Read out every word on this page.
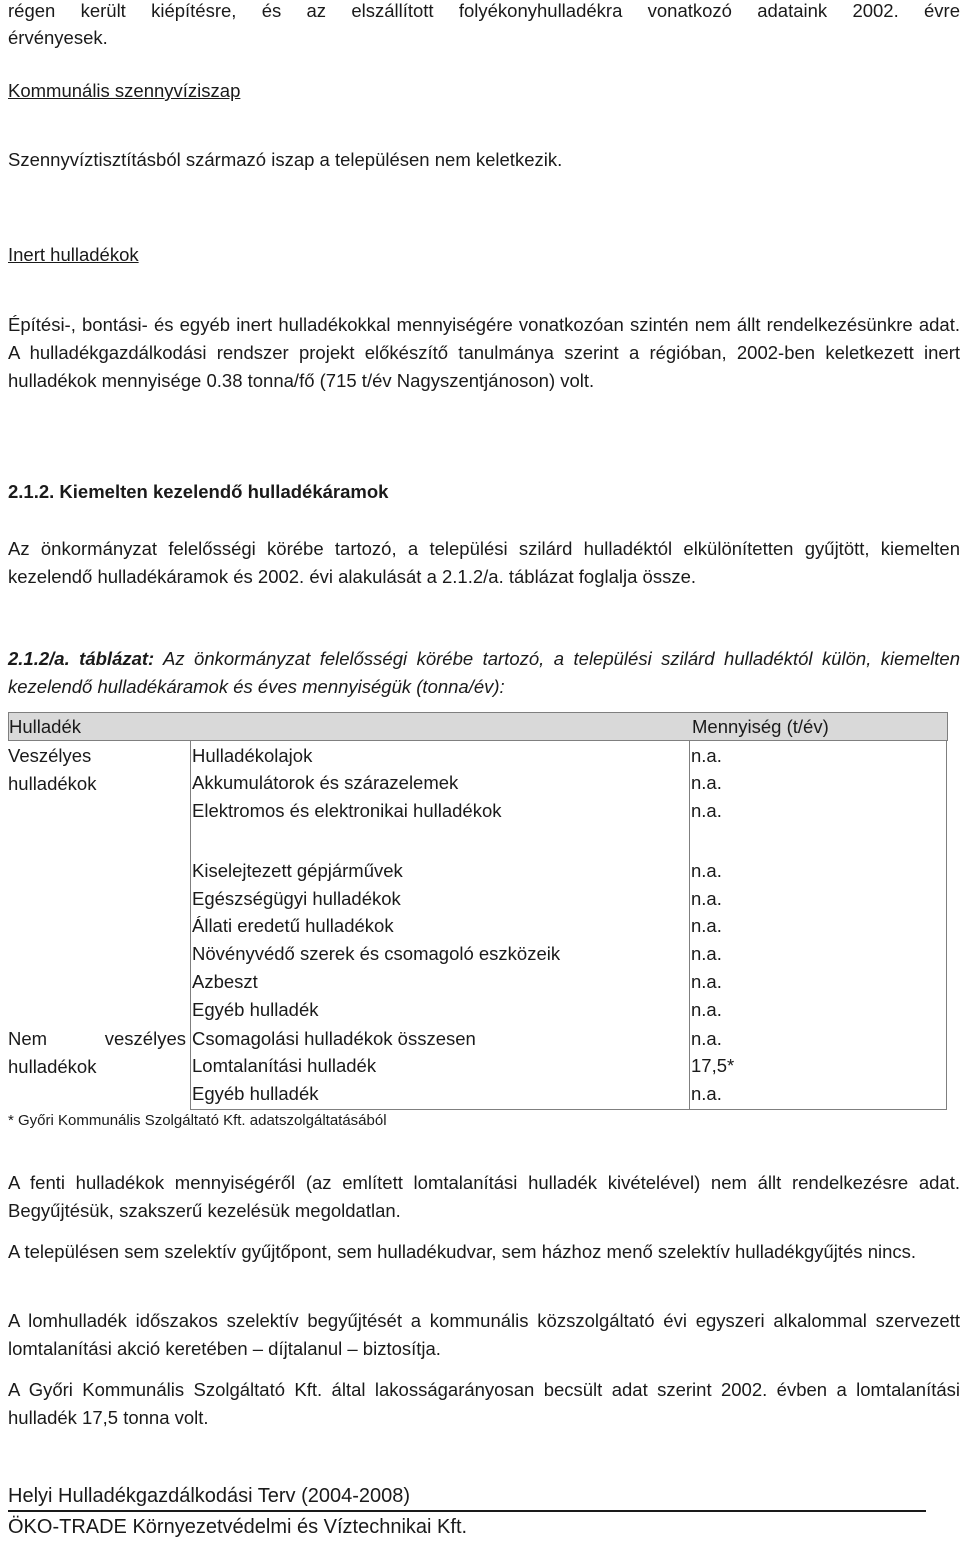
régen került kiépítésre, és az elszállított folyékonyhulladékra vonatkozó adataink 2002. évre
érvényesek.
Kommunális szennyvíziszap
Szennyvíztisztításból származó iszap a településen nem keletkezik.
Inert hulladékok
Építési-, bontási- és egyéb inert hulladékokkal mennyiségére vonatkozóan szintén nem állt rendelkezésünkre adat. A hulladékgazdálkodási rendszer projekt előkészítő tanulmánya szerint a régióban, 2002-ben keletkezett inert hulladékok mennyisége 0.38 tonna/fő (715 t/év Nagyszentjánoson) volt.
2.1.2. Kiemelten kezelendő hulladékáramok
Az önkormányzat felelősségi körébe tartozó, a települési szilárd hulladéktól elkülönítetten gyűjtött, kiemelten kezelendő hulladékáramok és 2002. évi alakulását a 2.1.2/a. táblázat foglalja össze.
2.1.2/a. táblázat: Az önkormányzat felelősségi körébe tartozó, a települési szilárd hulladéktól külön, kiemelten kezelendő hulladékáramok és éves mennyiségük (tonna/év):
Hulladék	Mennyiség (t/év)
Veszélyes
hulladékok
Hulladékolajok	n.a.
Akkumulátorok és szárazelemek	n.a.
Elektromos és elektronikai hulladékok	n.a.
Kiselejtezett gépjárművek	n.a.
Egészségügyi hulladékok	n.a.
Állati eredetű hulladékok	n.a.
Növényvédő szerek és csomagoló eszközeik	n.a.
Azbeszt	n.a.
Egyéb hulladék	n.a.
Nem veszélyes
hulladékok
Csomagolási hulladékok összesen	n.a.
Lomtalanítási hulladék	17,5*
Egyéb hulladék	n.a.
* Győri Kommunális Szolgáltató Kft. adatszolgáltatásából
A fenti hulladékok mennyiségéről (az említett lomtalanítási hulladék kivételével) nem állt rendelkezésre adat. Begyűjtésük, szakszerű kezelésük megoldatlan.
A településen sem szelektív gyűjtőpont, sem hulladékudvar, sem házhoz menő szelektív hulladékgyűjtés nincs.
A lomhulladék időszakos szelektív begyűjtését a kommunális közszolgáltató évi egyszeri alkalommal szervezett lomtalanítási akció keretében – díjtalanul – biztosítja.
A Győri Kommunális Szolgáltató Kft. által lakosságarányosan becsült adat szerint 2002. évben a lomtalanítási hulladék 17,5 tonna volt.
Helyi Hulladékgazdálkodási Terv (2004-2008)
ÖKO-TRADE Környezetvédelmi és Víztechnikai Kft.
